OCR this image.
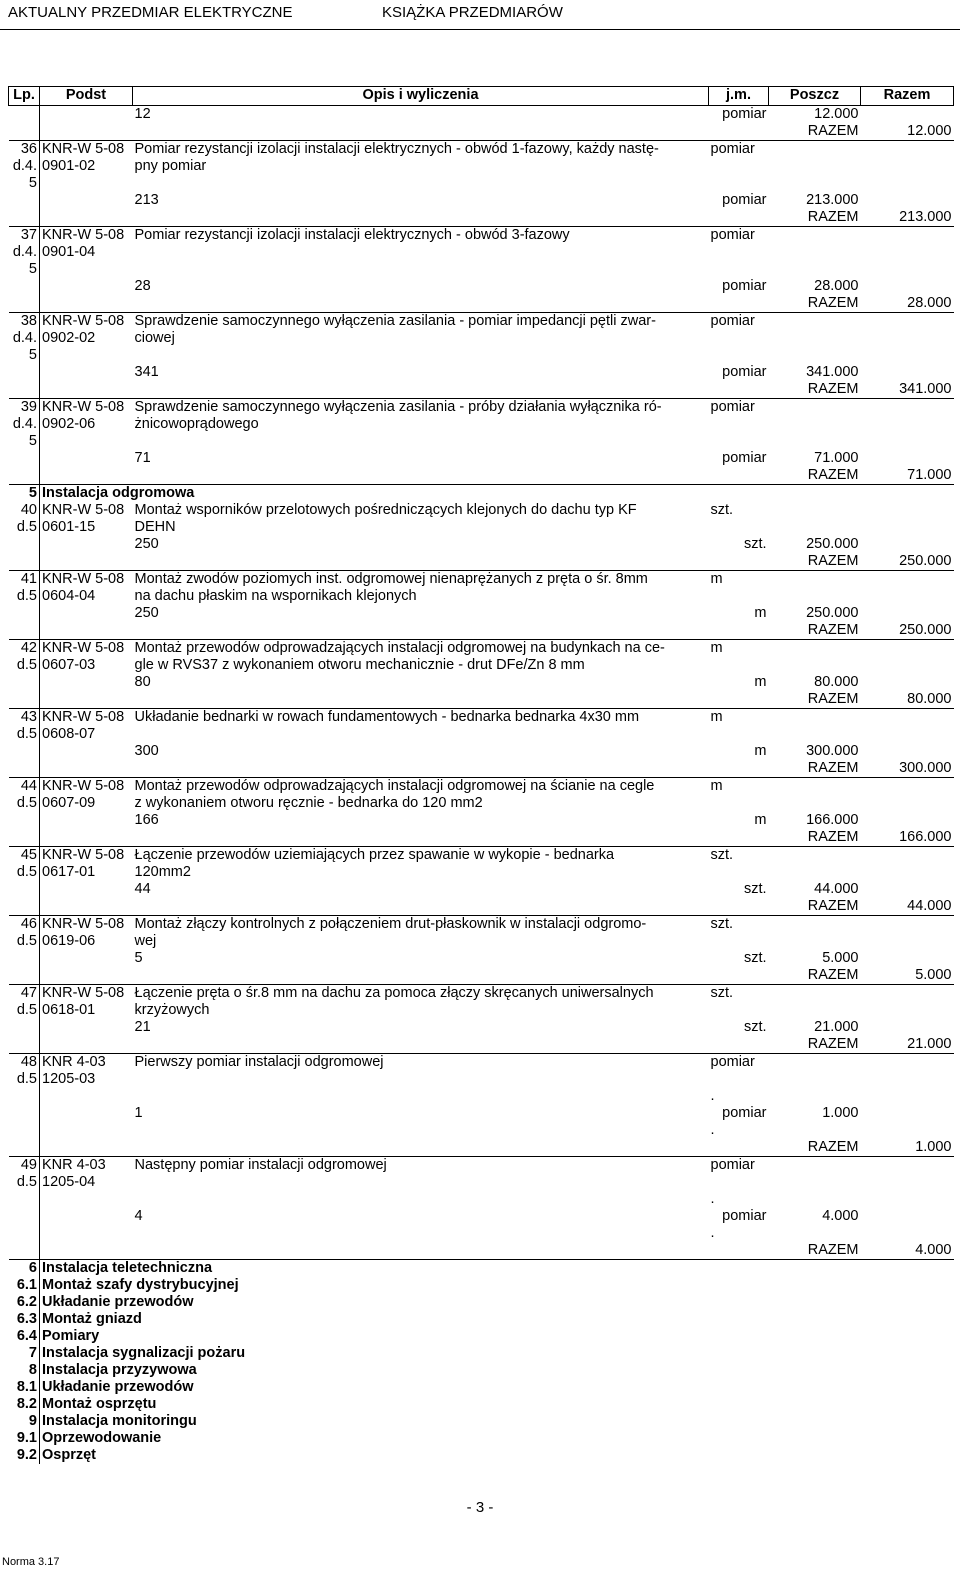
AKTUALNY PRZEDMIAR ELEKTRYCZNE	KSIĄŻKA PRZEDMIARÓW
Lp.	Podst	Opis i wyliczenia	j.m.	Poszcz	Razem
		12	pomiar	12.000	
				RAZEM	12.000
36	KNR-W 5-08	Pomiar rezystancji izolacji instalacji elektrycznych - obwód 1-fazowy, każdy nastę-	pomiar		
d.4.	0901-02	pny pomiar			
5					
		213	pomiar	213.000	
				RAZEM	213.000
37	KNR-W 5-08	Pomiar rezystancji izolacji instalacji elektrycznych - obwód 3-fazowy	pomiar		
d.4.	0901-04				
5					
		28	pomiar	28.000	
				RAZEM	28.000
38	KNR-W 5-08	Sprawdzenie samoczynnego wyłączenia zasilania - pomiar impedancji pętli zwar-	pomiar		
d.4.	0902-02	ciowej			
5					
		341	pomiar	341.000	
				RAZEM	341.000
39	KNR-W 5-08	Sprawdzenie samoczynnego wyłączenia zasilania - próby działania wyłącznika ró-	pomiar		
d.4.	0902-06	żnicowoprądowego			
5					
		71	pomiar	71.000	
				RAZEM	71.000
5	Instalacja odgromowa				
40	KNR-W 5-08	Montaż wsporników przelotowych pośredniczących klejonych do dachu typ KF	szt.		
d.5	0601-15	DEHN			
		250	szt.	250.000	
				RAZEM	250.000
41	KNR-W 5-08	Montaż zwodów poziomych inst. odgromowej nienaprężanych z pręta o śr. 8mm	m		
d.5	0604-04	na dachu płaskim na wspornikach klejonych			
		250	m	250.000	
				RAZEM	250.000
42	KNR-W 5-08	Montaż przewodów odprowadzających instalacji odgromowej na budynkach na ce-	m		
d.5	0607-03	gle w RVS37 z wykonaniem otworu mechanicznie - drut DFe/Zn 8 mm			
		80	m	80.000	
				RAZEM	80.000
43	KNR-W 5-08	Układanie bednarki w rowach fundamentowych - bednarka bednarka 4x30 mm	m		
d.5	0608-07				
		300	m	300.000	
				RAZEM	300.000
44	KNR-W 5-08	Montaż przewodów odprowadzających instalacji odgromowej na ścianie na cegle	m		
d.5	0607-09	z wykonaniem otworu ręcznie - bednarka do 120 mm2			
		166	m	166.000	
				RAZEM	166.000
45	KNR-W 5-08	Łączenie przewodów uziemiających przez spawanie w wykopie - bednarka	szt.		
d.5	0617-01	120mm2			
		44	szt.	44.000	
				RAZEM	44.000
46	KNR-W 5-08	Montaż złączy kontrolnych z połączeniem drut-płaskownik w instalacji odgromo-	szt.		
d.5	0619-06	wej			
		5	szt.	5.000	
				RAZEM	5.000
47	KNR-W 5-08	Łączenie pręta o śr.8 mm na dachu za pomoca złączy skręcanych uniwersalnych	szt.		
d.5	0618-01	krzyżowych			
		21	szt.	21.000	
				RAZEM	21.000
48	KNR 4-03	Pierwszy pomiar instalacji odgromowej	pomiar		
d.5	1205-03				
			.		
		1	pomiar	1.000	
			.		
				RAZEM	1.000
49	KNR 4-03	Następny pomiar instalacji odgromowej	pomiar		
d.5	1205-04				
			.		
		4	pomiar	4.000	
			.		
				RAZEM	4.000
6	Instalacja teletechniczna				
6.1	Montaż szafy dystrybucyjnej				
6.2	Układanie przewodów				
6.3	Montaż gniazd				
6.4	Pomiary				
7	Instalacja sygnalizacji pożaru				
8	Instalacja przyzywowa				
8.1	Układanie przewodów				
8.2	Montaż osprzętu				
9	Instalacja monitoringu				
9.1	Oprzewodowanie				
9.2	Osprzęt				
- 3 -
Norma 3.17
